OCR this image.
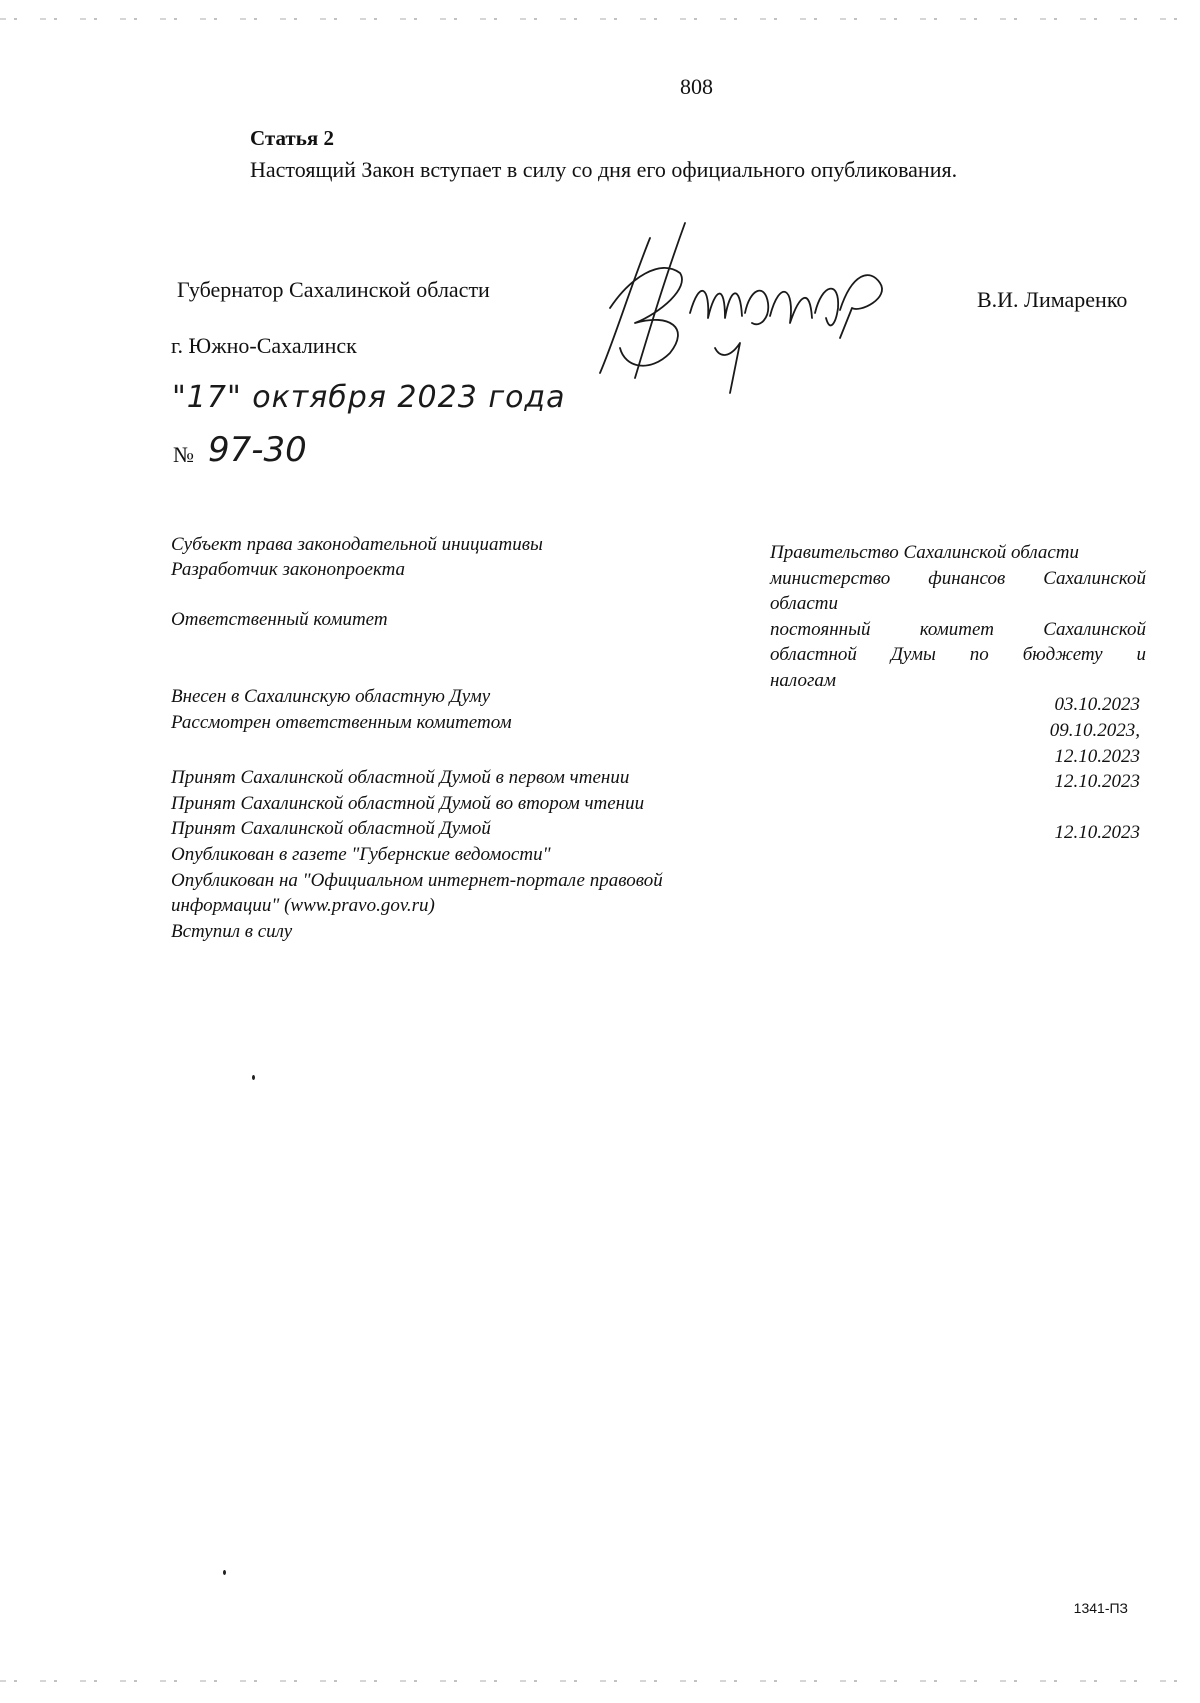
808
Статья 2
Настоящий Закон вступает в силу со дня его официального опубликования.
Губернатор Сахалинской области	В.И. Лимаренко
г. Южно-Сахалинск
"17" октября 2023 года
№ 97-30
Субъект права законодательной инициативы
Разработчик законопроекта
Ответственный комитет
Внесен в Сахалинскую областную Думу
Рассмотрен ответственным комитетом
Принят Сахалинской областной Думой в первом чтении
Принят Сахалинской областной Думой во втором чтении
Принят Сахалинской областной Думой
Опубликован в газете "Губернские ведомости"
Опубликован на "Официальном интернет-портале правовой
информации" (www.pravo.gov.ru)
Вступил в силу
Правительство Сахалинской области
министерство финансов Сахалинской
области
постоянный комитет Сахалинской
областной Думы по бюджету и
налогам
03.10.2023
09.10.2023,
12.10.2023
12.10.2023
12.10.2023
1341-ПЗ
